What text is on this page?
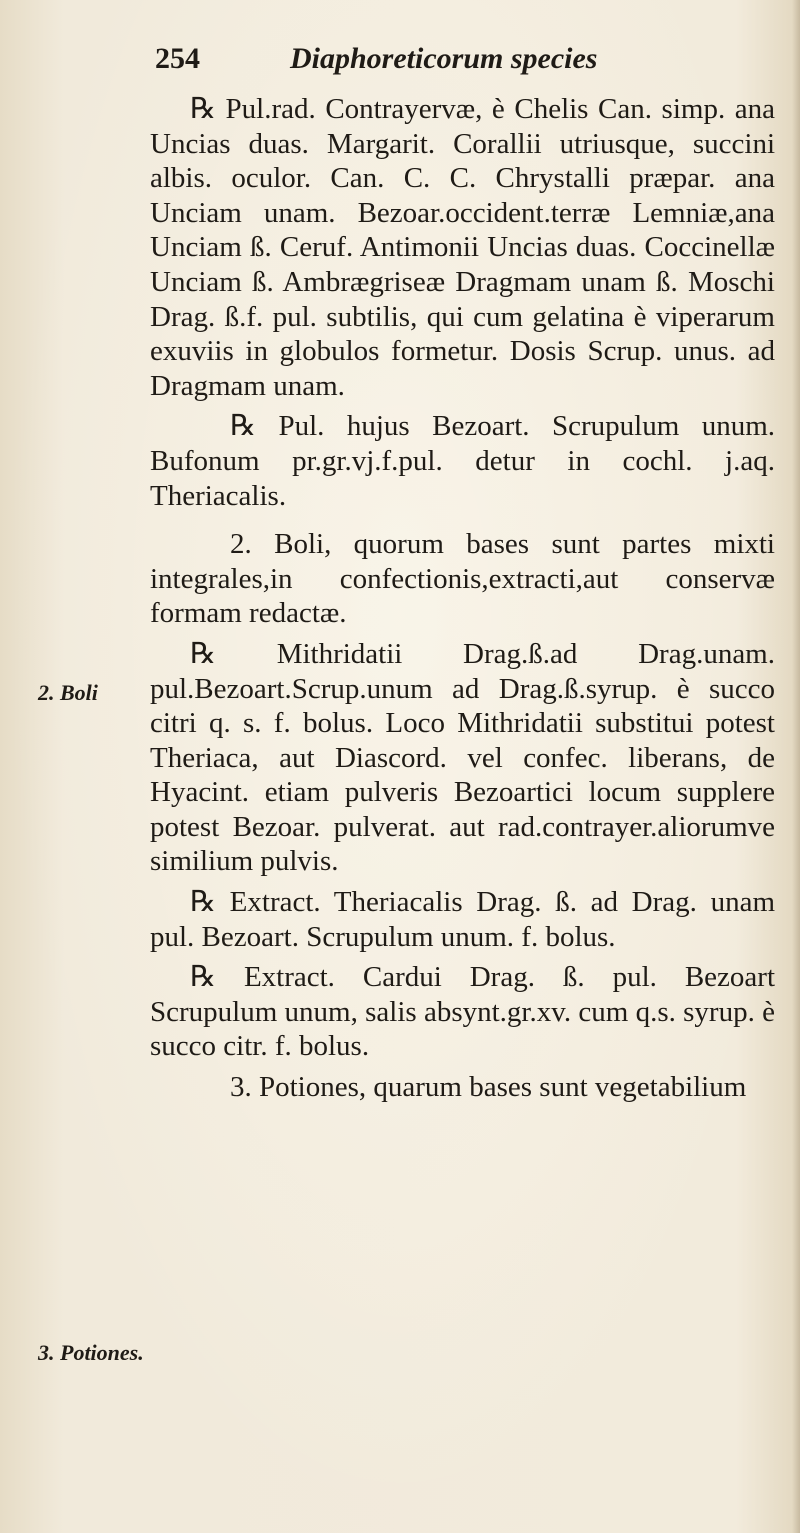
254	Diaphoreticorum species
2. Boli
3. Potiones.

℞ Pul.rad. Contrayervæ, è Chelis Can. simp. ana Uncias duas. Margarit. Corallii utriusque, succini albis. oculor. Can. C. C. Chrystalli præpar. ana Unciam unam. Bezoar.occident.terræ Lemniæ,ana Unciam ß. Ceruf. Antimonii Uncias duas. Coccinellæ Unciam ß. Ambrægriseæ Dragmam unam ß. Moschi Drag. ß.f. pul. subtilis, qui cum gelatina è viperarum exuviis in globulos formetur. Dosis Scrup. unus. ad Dragmam unam.

℞ Pul. hujus Bezoart. Scrupulum unum. Bufonum pr.gr.vj.f.pul. detur in cochl. j.aq. Theriacalis.

2. Boli, quorum bases sunt partes mixti integrales,in confectionis,extracti,aut conservæ formam redactæ.

℞ Mithridatii Drag.ß.ad Drag.unam. pul.Bezoart.Scrup.unum ad Drag.ß.syrup. è succo citri q. s. f. bolus. Loco Mithridatii substitui potest Theriaca, aut Diascord. vel confec. liberans, de Hyacint. etiam pulveris Bezoartici locum supplere potest Bezoar. pulverat. aut rad.contrayer.aliorumve similium pulvis.

℞ Extract. Theriacalis Drag. ß. ad Drag. unam pul. Bezoart. Scrupulum unum. f. bolus.

℞ Extract. Cardui Drag. ß. pul. Bezoart Scrupulum unum, salis absynt.gr.xv. cum q.s. syrup. è succo citr. f. bolus.

3. Potiones, quarum bases sunt vegetabilium
